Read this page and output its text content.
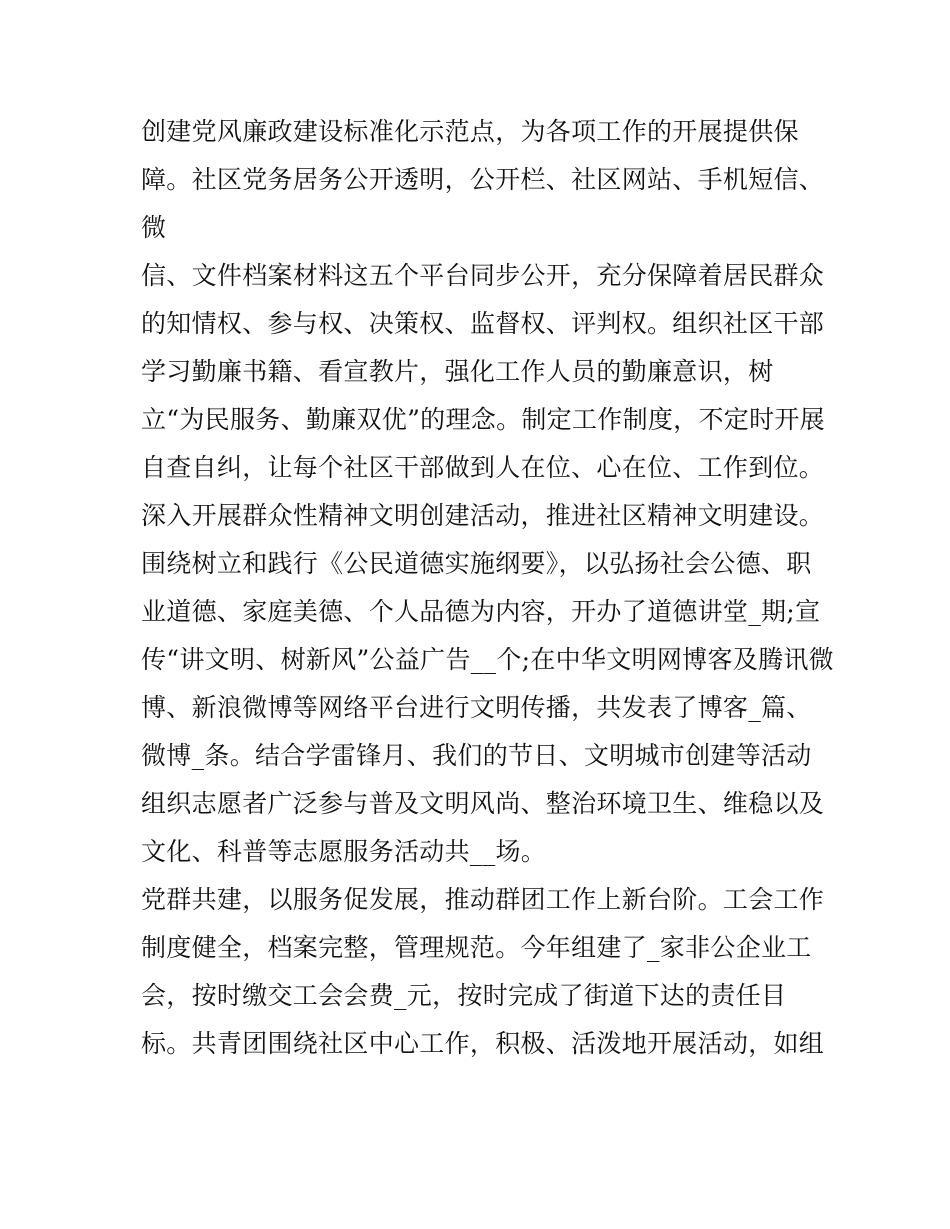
创建党风廉政建设标准化示范点，为各项工作的开展提供保
障。社区党务居务公开透明，公开栏、社区网站、手机短信、
微
信、文件档案材料这五个平台同步公开，充分保障着居民群众
的知情权、参与权、决策权、监督权、评判权。组织社区干部
学习勤廉书籍、看宣教片，强化工作人员的勤廉意识，树
立“为民服务、勤廉双优”的理念。制定工作制度，不定时开展
自查自纠，让每个社区干部做到人在位、心在位、工作到位。
深入开展群众性精神文明创建活动，推进社区精神文明建设。
围绕树立和践行《公民道德实施纲要》，以弘扬社会公德、职
业道德、家庭美德、个人品德为内容，开办了道德讲堂_期;宣
传“讲文明、树新风”公益广告__个;在中华文明网博客及腾讯微
博、新浪微博等网络平台进行文明传播，共发表了博客_篇、
微博_条。结合学雷锋月、我们的节日、文明城市创建等活动
组织志愿者广泛参与普及文明风尚、整治环境卫生、维稳以及
文化、科普等志愿服务活动共__场。
党群共建，以服务促发展，推动群团工作上新台阶。工会工作
制度健全，档案完整，管理规范。今年组建了_家非公企业工
会，按时缴交工会会费_元，按时完成了街道下达的责任目
标。共青团围绕社区中心工作，积极、活泼地开展活动，如组
